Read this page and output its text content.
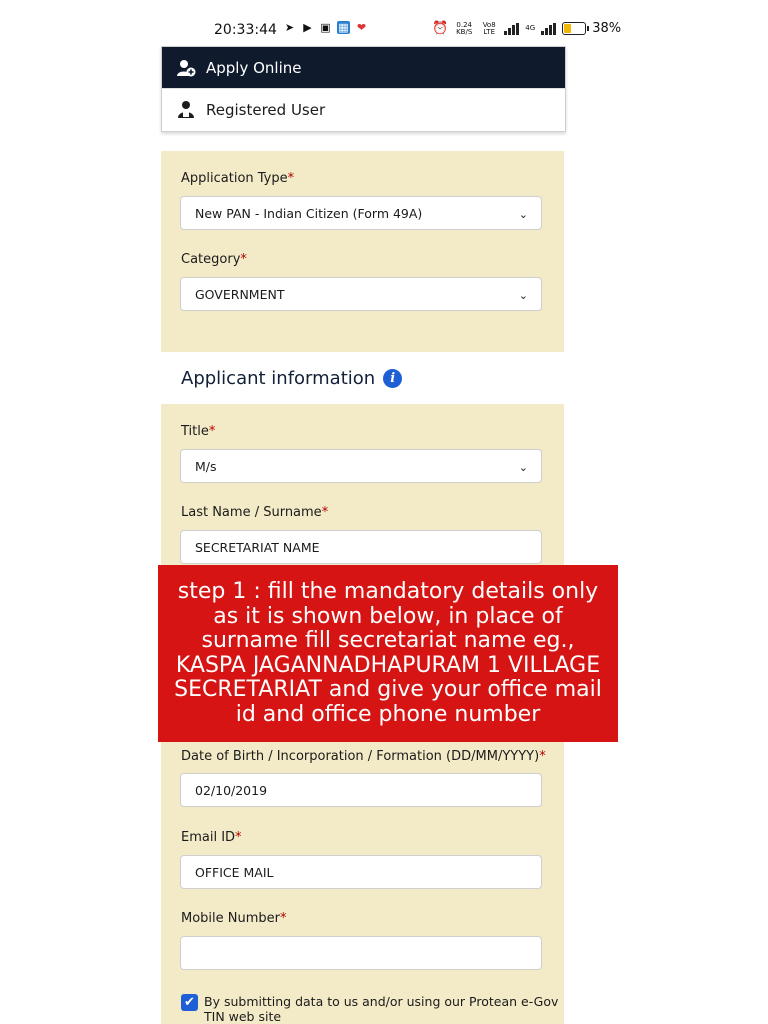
20:33:44 ➤ ▶ ▣ ▦ ❤	⏰	0.24 KB/S
Vo8 LTE	4G	38%
Apply Online
Registered User
Application Type*
New PAN - Indian Citizen (Form 49A)	⌄
Category*
GOVERNMENT	⌄
Applicant information	i
Title*
M/s	⌄
Last Name / Surname*
SECRETARIAT NAME
Date of Birth / Incorporation / Formation (DD/MM/YYYY)*
02/10/2019
Email ID*
OFFICE MAIL
Mobile Number*
✔ By submitting data to us and/or using our Protean e-Gov TIN web site
step 1 : fill the mandatory details only as it is shown below, in place of surname fill secretariat name eg., KASPA JAGANNADHAPURAM 1 VILLAGE SECRETARIAT and give your office mail id and office phone number
